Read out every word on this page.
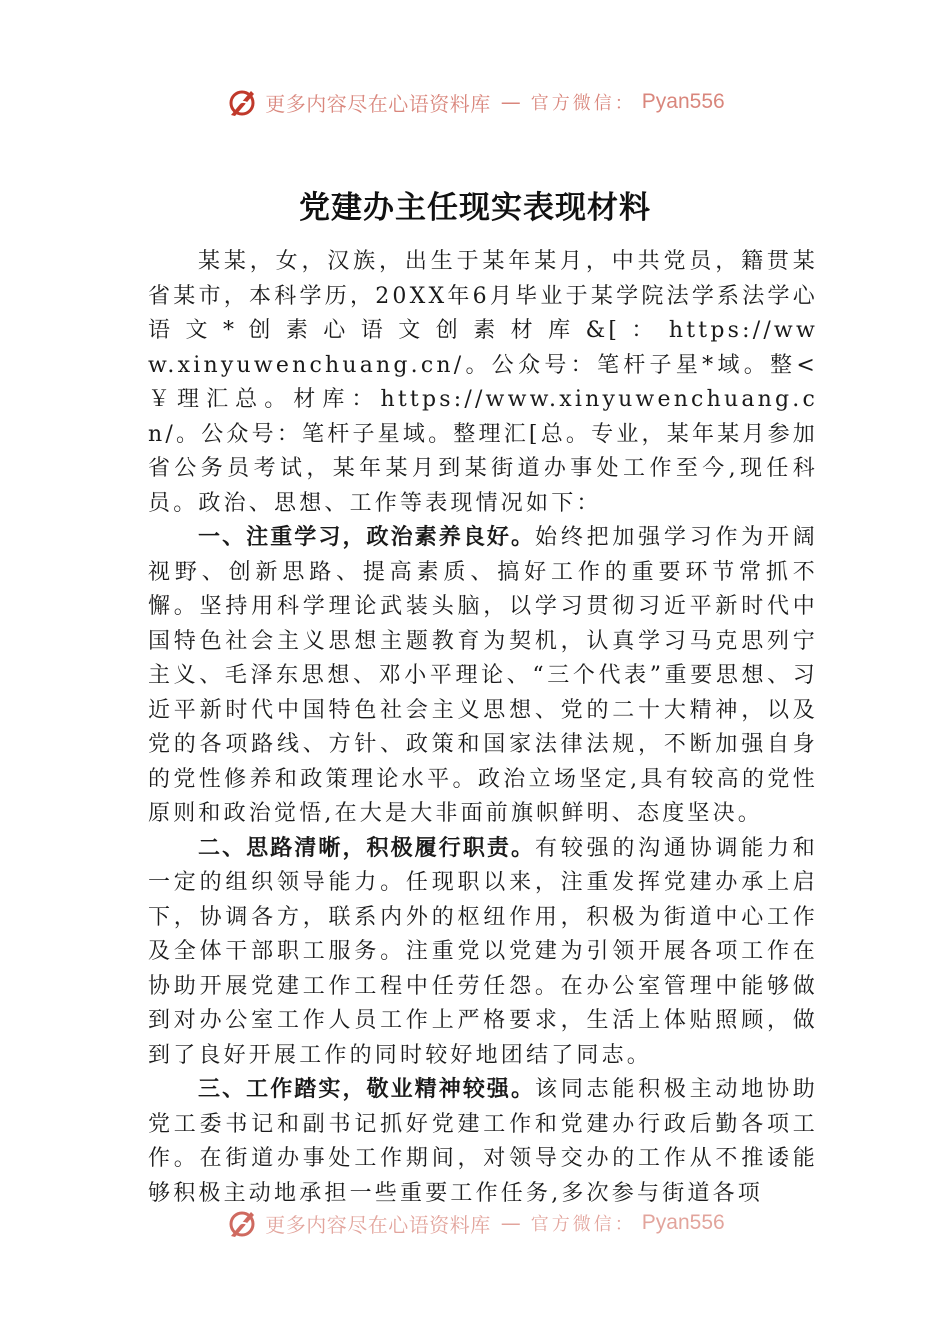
更多内容尽在心语资料库 — 官方微信： Pyan556
党建办主任现实表现材料

某某，女，汉族，出生于某年某月，中共党员，籍贯某省某市，本科学历，20XX年6月毕业于某学院法学系法学心 语 文 * 创 素 心 语 文 创 素 材 库 &[ ： https://www.xinyuwenchuang.cn/。公众号：笔杆子星*域。整<￥理汇总。材库：https://www.xinyuwenchuang.cn/。公众号：笔杆子星域。整理汇[总。专业，某年某月参加省公务员考试，某年某月到某街道办事处工作至今,现任科员。政治、思想、工作等表现情况如下：

一、注重学习，政治素养良好。始终把加强学习作为开阔视野、创新思路、提高素质、搞好工作的重要环节常抓不懈。坚持用科学理论武装头脑，以学习贯彻习近平新时代中国特色社会主义思想主题教育为契机，认真学习马克思列宁主义、毛泽东思想、邓小平理论、“三个代表”重要思想、习近平新时代中国特色社会主义思想、党的二十大精神，以及党的各项路线、方针、政策和国家法律法规，不断加强自身的党性修养和政策理论水平。政治立场坚定,具有较高的党性原则和政治觉悟,在大是大非面前旗帜鲜明、态度坚决。

二、思路清晰，积极履行职责。有较强的沟通协调能力和一定的组织领导能力。任现职以来，注重发挥党建办承上启下，协调各方，联系内外的枢纽作用，积极为街道中心工作及全体干部职工服务。注重党以党建为引领开展各项工作在协助开展党建工作工程中任劳任怨。在办公室管理中能够做到对办公室工作人员工作上严格要求，生活上体贴照顾，做到了良好开展工作的同时较好地团结了同志。

三、工作踏实，敬业精神较强。该同志能积极主动地协助党工委书记和副书记抓好党建工作和党建办行政后勤各项工作。在街道办事处工作期间，对领导交办的工作从不推诿能够积极主动地承担一些重要工作任务,多次参与街道各项

更多内容尽在心语资料库 — 官方微信： Pyan556
